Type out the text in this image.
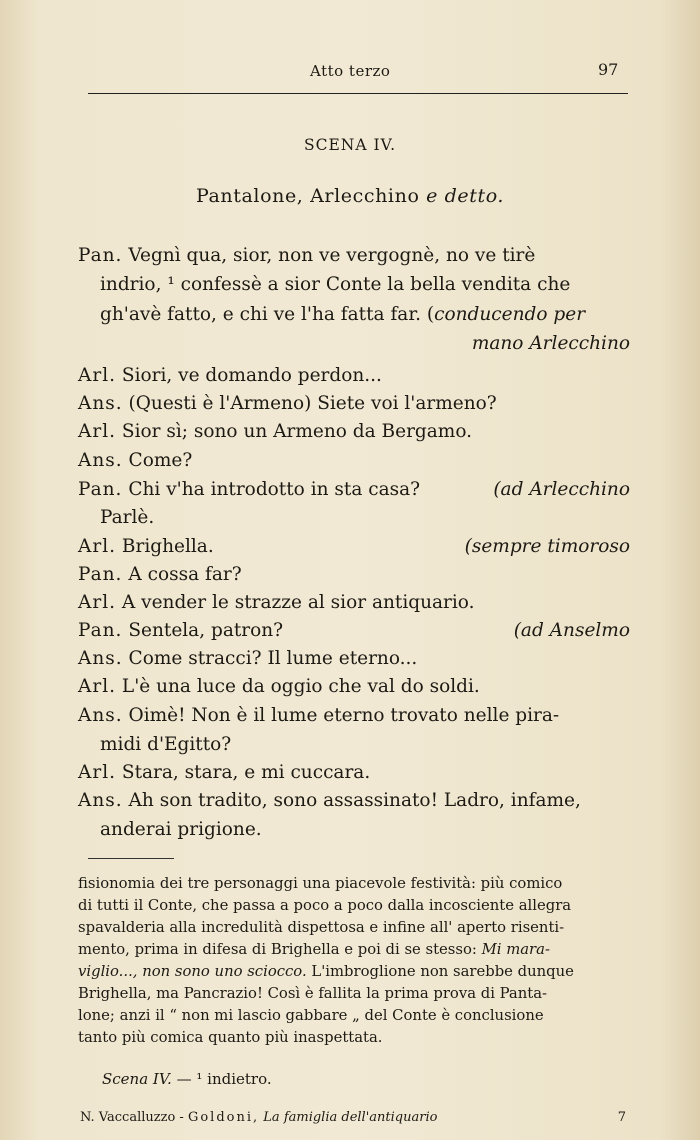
Atto terzo	97
SCENA IV.
Pantalone, Arlecchino e detto.
Pan. Vegnì qua, sior, non ve vergognè, no ve tirè
indrio, ¹ confessè a sior Conte la bella vendita che
gh'avè fatto, e chi ve l'ha fatta far. (conducendo per
mano Arlecchino
Arl. Siori, ve domando perdon...
Ans. (Questi è l'Armeno) Siete voi l'armeno?
Arl. Sior sì; sono un Armeno da Bergamo.
Ans. Come?
Pan. Chi v'ha introdotto in sta casa?	(ad Arlecchino
Parlè.
Arl. Brighella.	(sempre timoroso
Pan. A cossa far?
Arl. A vender le strazze al sior antiquario.
Pan. Sentela, patron?	(ad Anselmo
Ans. Come stracci? Il lume eterno...
Arl. L'è una luce da oggio che val do soldi.
Ans. Oimè! Non è il lume eterno trovato nelle pira-
midi d'Egitto?
Arl. Stara, stara, e mi cuccara.
Ans. Ah son tradito, sono assassinato! Ladro, infame,
anderai prigione.
fisionomia dei tre personaggi una piacevole festività: più comico
di tutti il Conte, che passa a poco a poco dalla incosciente allegra
spavalderia alla incredulità dispettosa e infine all' aperto risenti-
mento, prima in difesa di Brighella e poi di se stesso: Mi mara-
viglio..., non sono uno sciocco. L'imbroglione non sarebbe dunque
Brighella, ma Pancrazio! Così è fallita la prima prova di Panta-
lone; anzi il “ non mi lascio gabbare „ del Conte è conclusione
tanto più comica quanto più inaspettata.
Scena IV. — ¹ indietro.
N. Vaccalluzzo - Goldoni, La famiglia dell'antiquario	7
